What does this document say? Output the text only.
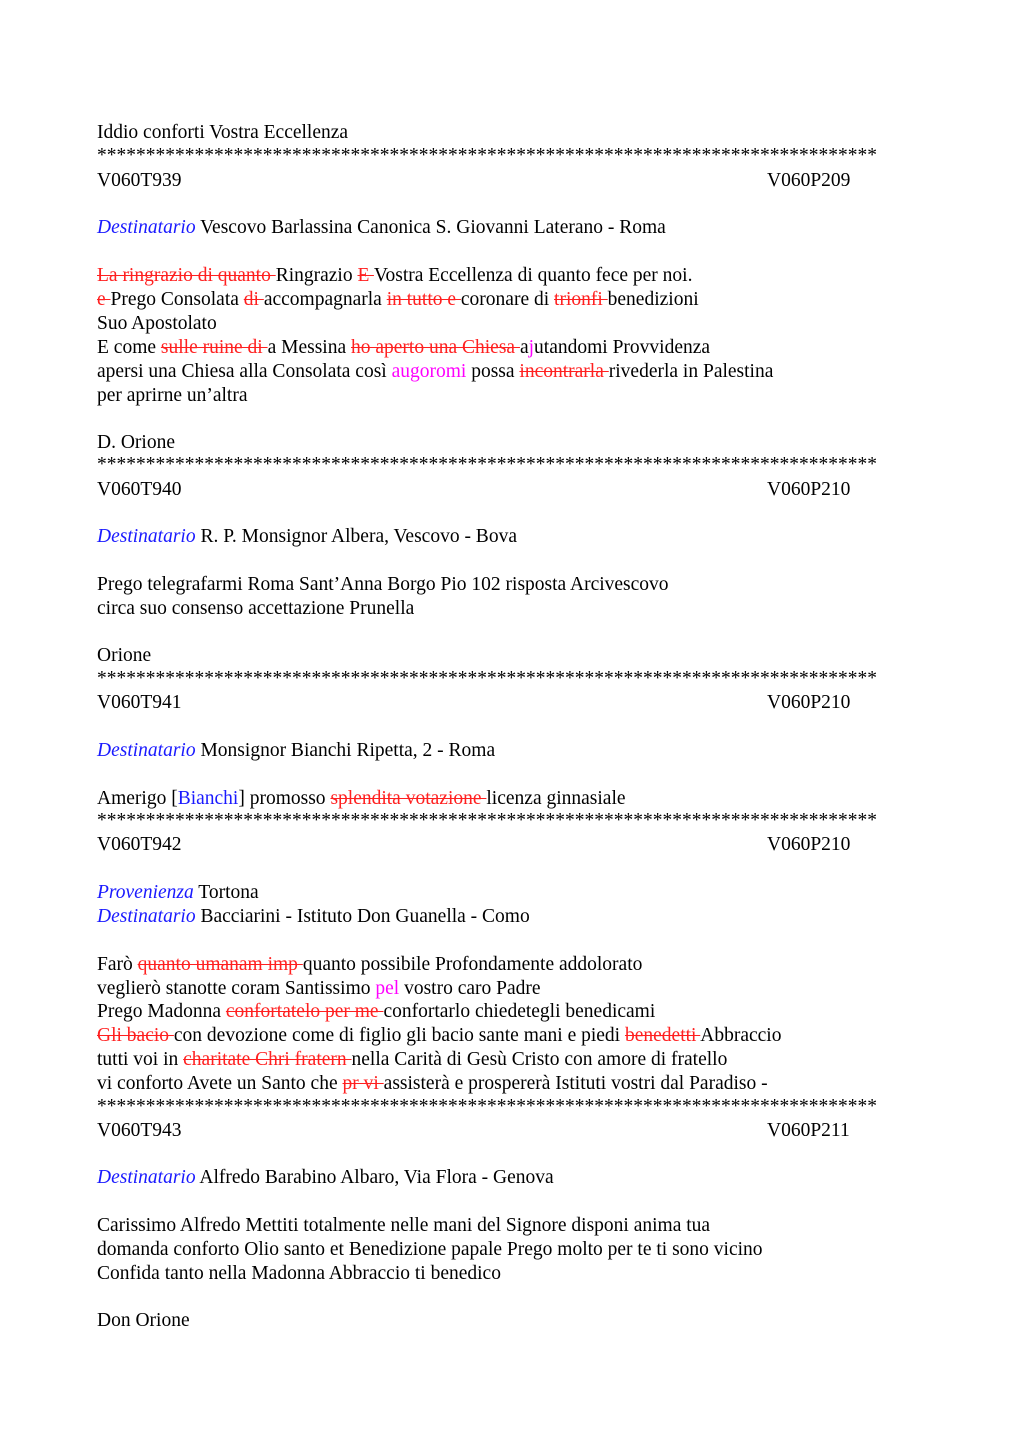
Iddio conforti Vostra Eccellenza
********************************************************************************
V060T939	V060P209
Destinatario Vescovo Barlassina Canonica S. Giovanni Laterano - Roma
La ringrazio di quanto Ringrazio E Vostra Eccellenza di quanto fece per noi.
e Prego Consolata di accompagnarla in tutto e coronare di trionfi benedizioni
Suo Apostolato
E come sulle ruine di a Messina ho aperto una Chiesa ajutandomi Provvidenza
apersi una Chiesa alla Consolata così augoromi possa incontrarla rivederla in Palestina
per aprirne un’altra
D. Orione
********************************************************************************
V060T940	V060P210
Destinatario R. P. Monsignor Albera, Vescovo - Bova
Prego telegrafarmi Roma Sant’Anna Borgo Pio 102 risposta Arcivescovo
circa suo consenso accettazione Prunella
Orione
********************************************************************************
V060T941	V060P210
Destinatario Monsignor Bianchi Ripetta, 2 - Roma
Amerigo [Bianchi] promosso splendita votazione licenza ginnasiale
********************************************************************************
V060T942	V060P210
Provenienza Tortona
Destinatario Bacciarini - Istituto Don Guanella - Como
Farò quanto umanam imp quanto possibile Profondamente addolorato
veglierò stanotte coram Santissimo pel vostro caro Padre
Prego Madonna confortatelo per me confortarlo chiedetegli benedicami
Gli bacio con devozione come di figlio gli bacio sante mani e piedi benedetti Abbraccio
tutti voi in charitate Chri fratern nella Carità di Gesù Cristo con amore di fratello
vi conforto Avete un Santo che pr vi assisterà e prospererà Istituti vostri dal Paradiso -
********************************************************************************
V060T943	V060P211
Destinatario Alfredo Barabino Albaro, Via Flora - Genova
Carissimo Alfredo Mettiti totalmente nelle mani del Signore disponi anima tua
domanda conforto Olio santo et Benedizione papale Prego molto per te ti sono vicino
Confida tanto nella Madonna Abbraccio ti benedico
Don Orione
